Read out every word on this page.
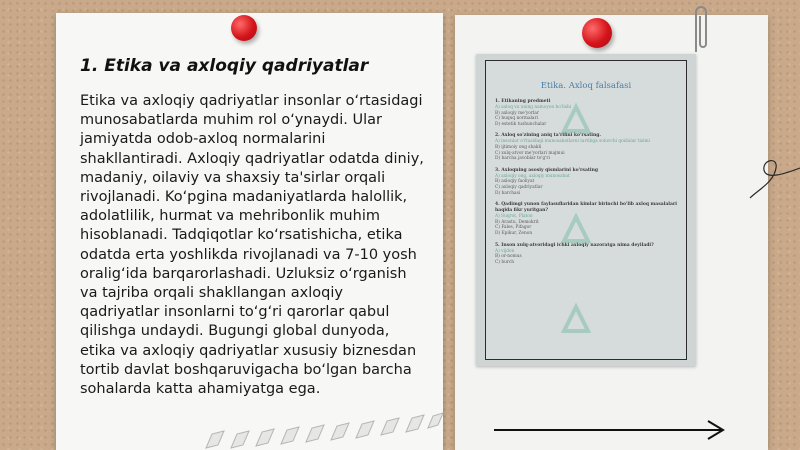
1. Etika va axloqiy qadriyatlar

Etika va axloqiy qadriyatlar insonlar o‘rtasidagi munosabatlarda muhim rol o‘ynaydi. Ular jamiyatda odob-axloq normalarini shakllantiradi. Axloqiy qadriyatlar odatda diniy, madaniy, oilaviy va shaxsiy ta'sirlar orqali rivojlanadi. Ko‘pgina madaniyatlarda halollik, adolatlilik, hurmat va mehribonlik muhim hisoblanadi. Tadqiqotlar ko‘rsatishicha, etika odatda erta yoshlikda rivojlanadi va 7-10 yosh oralig‘ida barqarorlashadi. Uzluksiz o‘rganish va tajriba orqali shakllangan axloqiy qadriyatlar insonlarni to‘g‘ri qarorlar qabul qilishga undaydi. Bugungi global dunyoda, etika va axloqiy qadriyatlar xususiy biznesdan tortib davlat boshqaruvigacha bo‘lgan barcha sohalarda katta ahamiyatga ega.

Etika. Axloq falsafasi
1. Etikaning predmeti
A) axloq va uning namoyon bo'lishi
B) axloqiy me'yorlar
C) huquq normalari
D) estetik tushunchalar
2. Axloq so'zining aniq ta'rifini ko'rsating.
A) insonlar o'rtasidagi munosabatlarni tartibga soluvchi qoidalar tizimi
B) ijtimoiy ong shakli
C) xulq-atvor me'yorlari majmui
D) barcha javoblar to'g'ri
3. Axloqning asosiy qismlarini ko'rsating
A) axloqiy ong, axloqiy munosabat
B) axloqiy faoliyat
C) axloqiy qadriyatlar
D) barchasi
4. Qadimgi yunon faylasuflaridan kimlar birinchi bo'lib axloq masalalari haqida fikr yuritgan?
A) Suqrot, Platon
B) Arastu, Demokrit
C) Fales, Pifagor
D) Epikur, Zenon
5. Inson xulq-atvoridagi ichki axloqiy nazoratga nima deyiladi?
A) vijdon
B) or-nomus
C) burch
